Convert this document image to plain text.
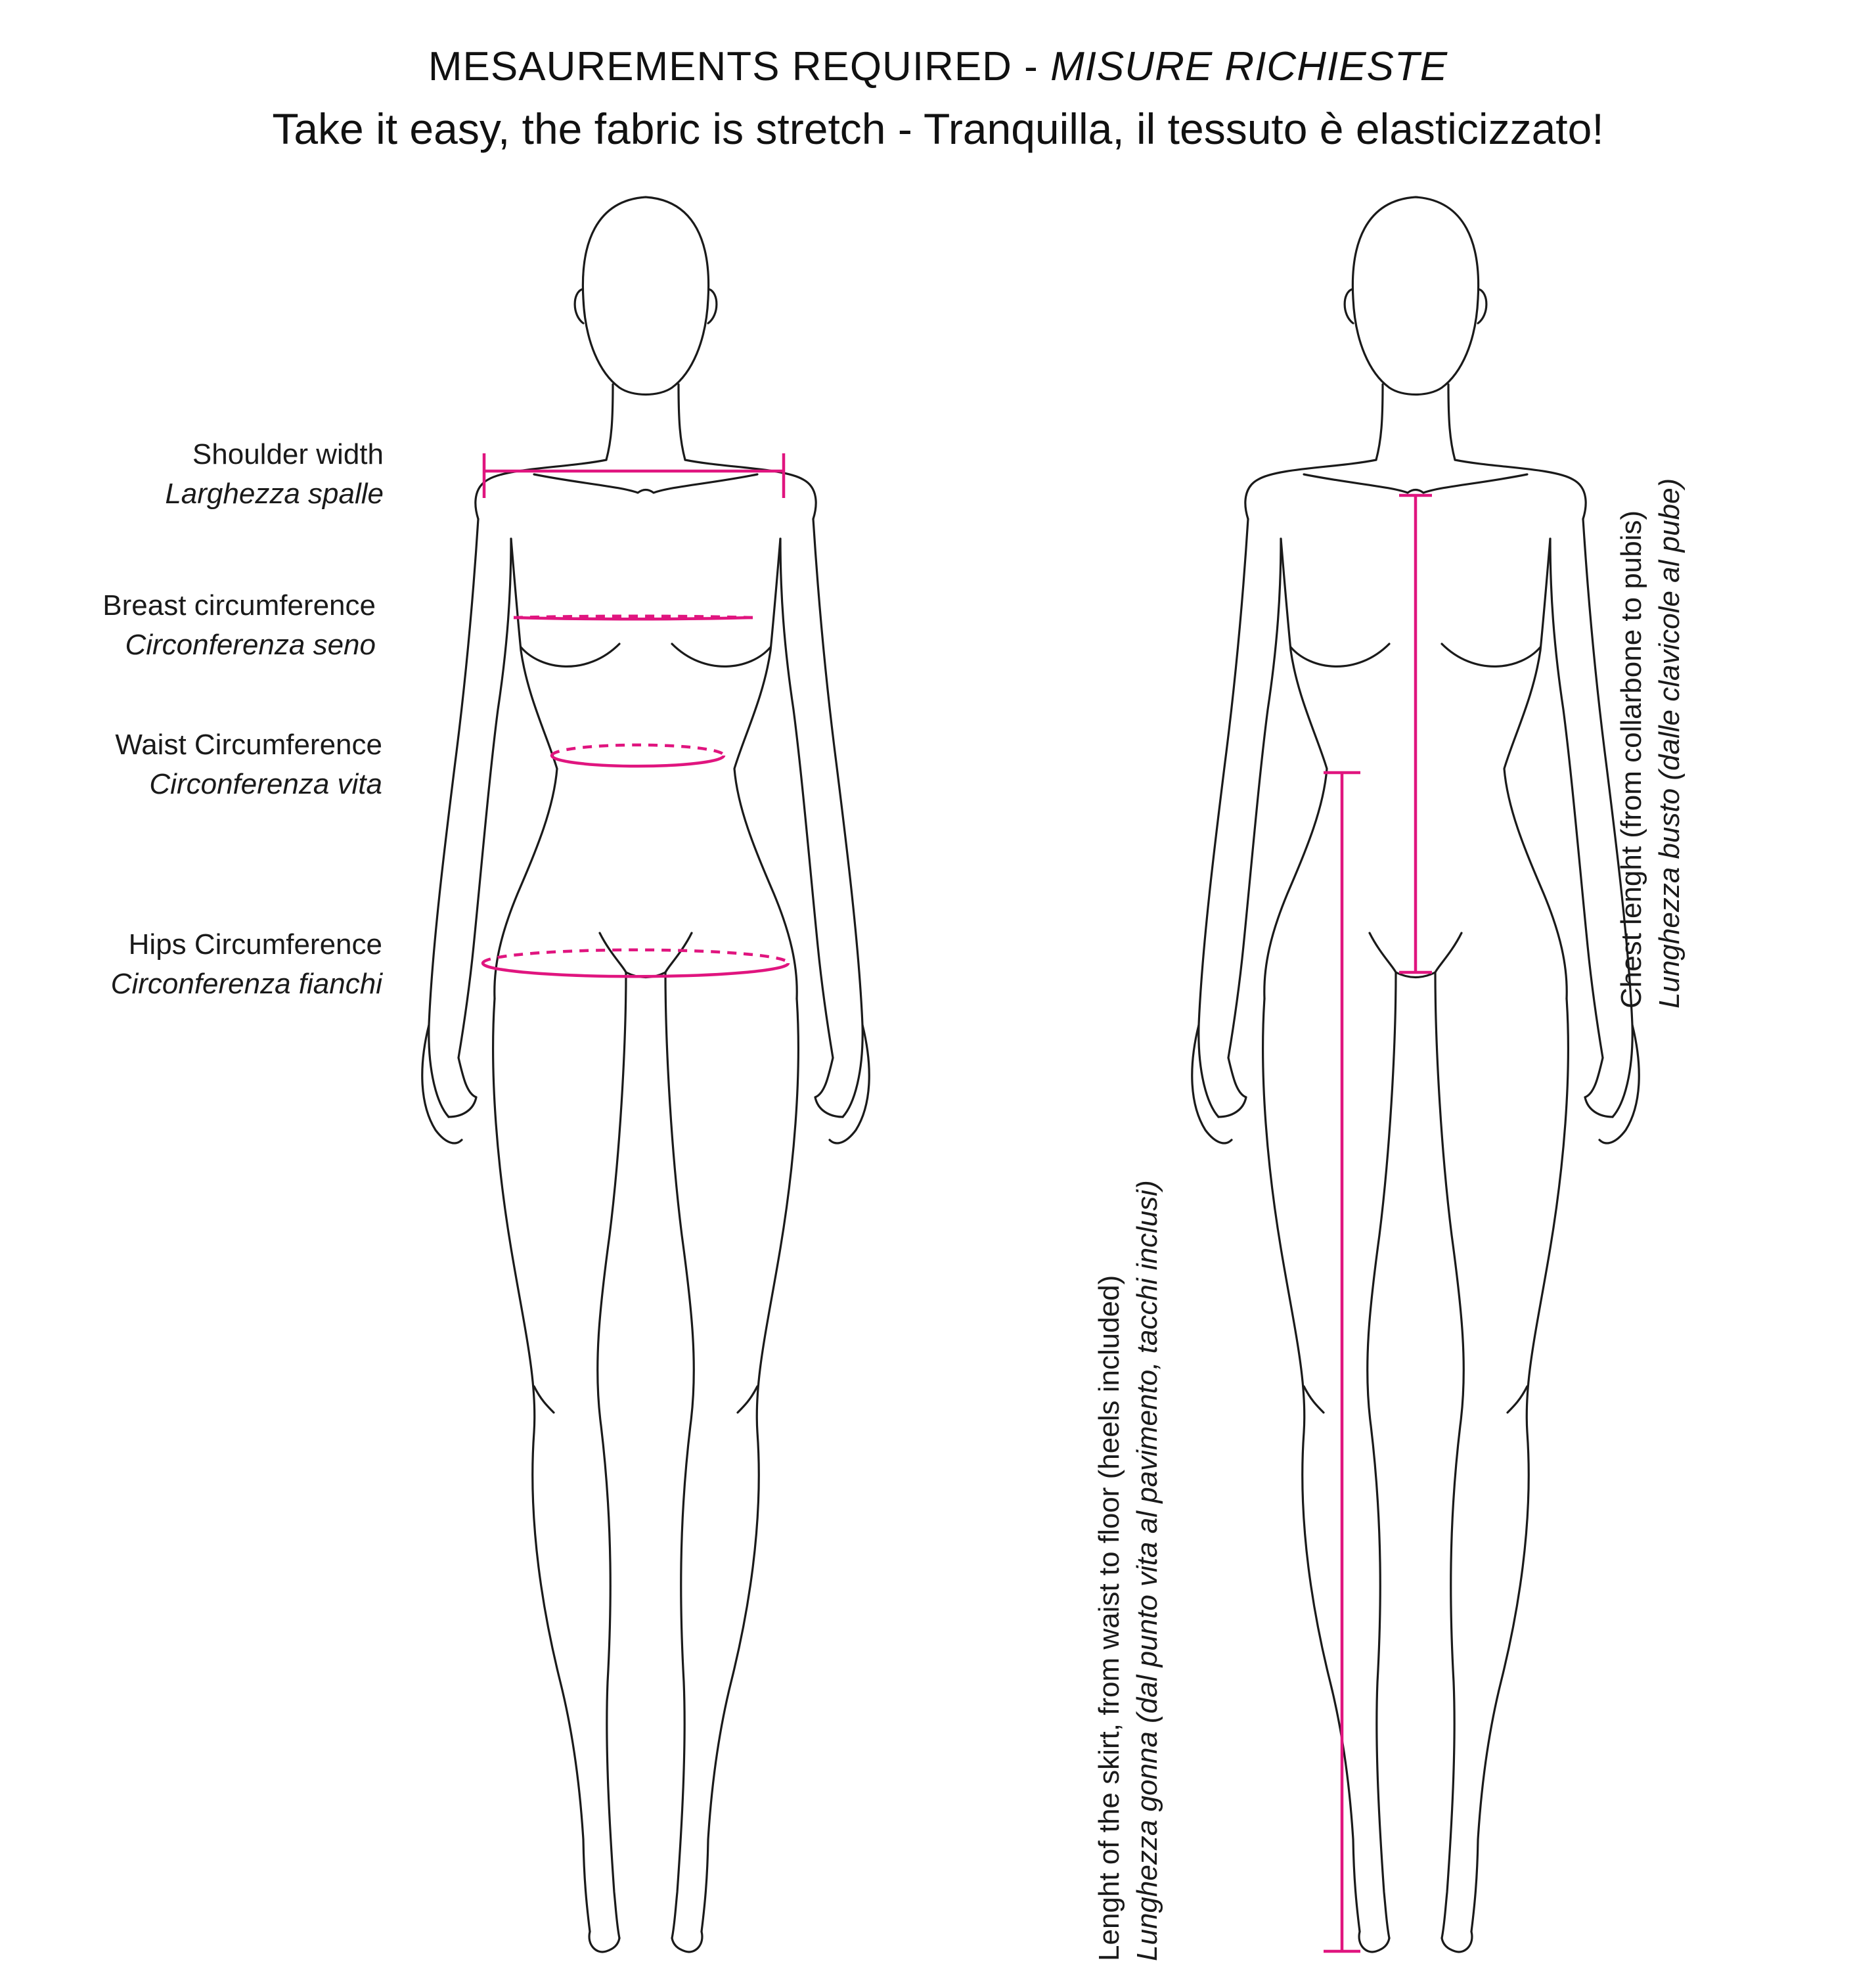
MESAUREMENTS REQUIRED - MISURE RICHIESTE
Take it easy, the fabric is stretch - Tranquilla, il tessuto è elasticizzato!
Shoulder width
Larghezza spalle
Breast circumference
Circonferenza seno
Waist Circumference
Circonferenza vita
Hips Circumference
Circonferenza fianchi	Chest lenght (from collarbone to pubis) Lunghezza busto (dalle clavicole al pube)
Lenght of the skirt, from waist to floor (heels included) Lunghezza gonna (dal punto vita al pavimento, tacchi inclusi)
